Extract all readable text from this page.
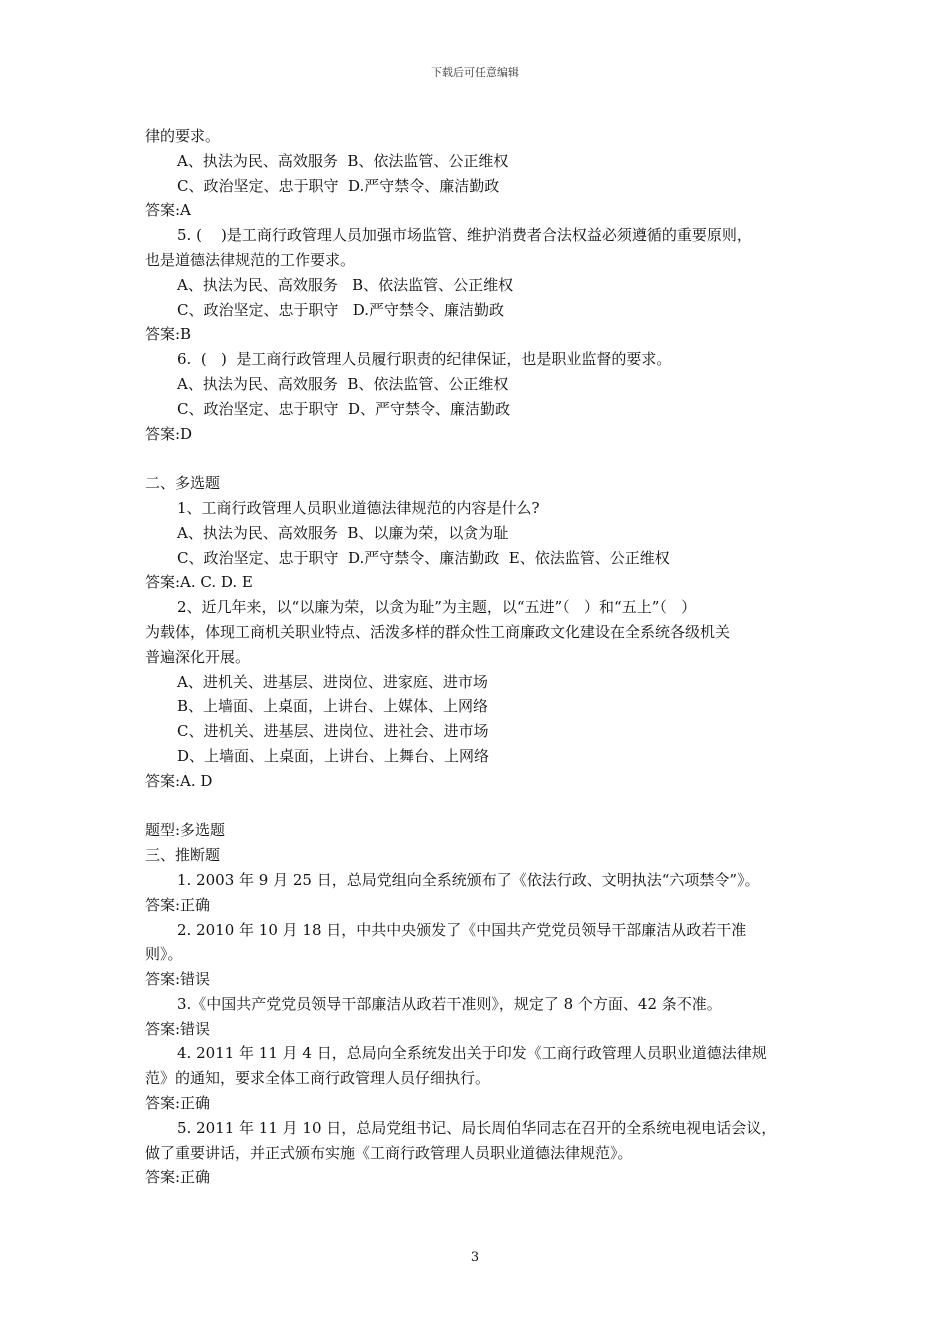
下载后可任意编辑
律的要求。
A、执法为民、高效服务  B、依法监管、公正维权
C、政治坚定、忠于职守  D.严守禁令、廉洁勤政
答案:A
5. (    )是工商行政管理人员加强市场监管、维护消费者合法权益必须遵循的重要原则，
也是道德法律规范的工作要求。
A、执法为民、高效服务   B、依法监管、公正维权
C、政治坚定、忠于职守   D.严守禁令、廉洁勤政
答案:B
6.  (   )  是工商行政管理人员履行职责的纪律保证，也是职业监督的要求。
A、执法为民、高效服务  B、依法监管、公正维权
C、政治坚定、忠于职守  D、严守禁令、廉洁勤政
答案:D
二、多选题
1、工商行政管理人员职业道德法律规范的内容是什么?
A、执法为民、高效服务  B、以廉为荣，以贪为耻
C、政治坚定、忠于职守  D.严守禁令、廉洁勤政  E、依法监管、公正维权
答案:A. C. D. E
2、近几年来，以“以廉为荣，以贪为耻”为主题，以“五进”（   ）和“五上”（   ）
为载体，体现工商机关职业特点、活泼多样的群众性工商廉政文化建设在全系统各级机关
普遍深化开展。
A、进机关、进基层、进岗位、进家庭、进市场
B、上墙面、上桌面，上讲台、上媒体、上网络
C、进机关、进基层、进岗位、进社会、进市场
D、上墙面、上桌面，上讲台、上舞台、上网络
答案:A. D
题型:多选题
三、推断题
1. 2003 年 9 月 25 日，总局党组向全系统颁布了《依法行政、文明执法“六项禁令”》。
答案:正确
2. 2010 年 10 月 18 日，中共中央颁发了《中国共产党党员领导干部廉洁从政若干准
则》。
答案:错误
3.《中国共产党党员领导干部廉洁从政若干准则》，规定了 8 个方面、42 条不准。
答案:错误
4. 2011 年 11 月 4 日，总局向全系统发出关于印发《工商行政管理人员职业道德法律规
范》的通知，要求全体工商行政管理人员仔细执行。
答案:正确
5. 2011 年 11 月 10 日，总局党组书记、局长周伯华同志在召开的全系统电视电话会议，
做了重要讲话，并正式颁布实施《工商行政管理人员职业道德法律规范》。
答案:正确
3
